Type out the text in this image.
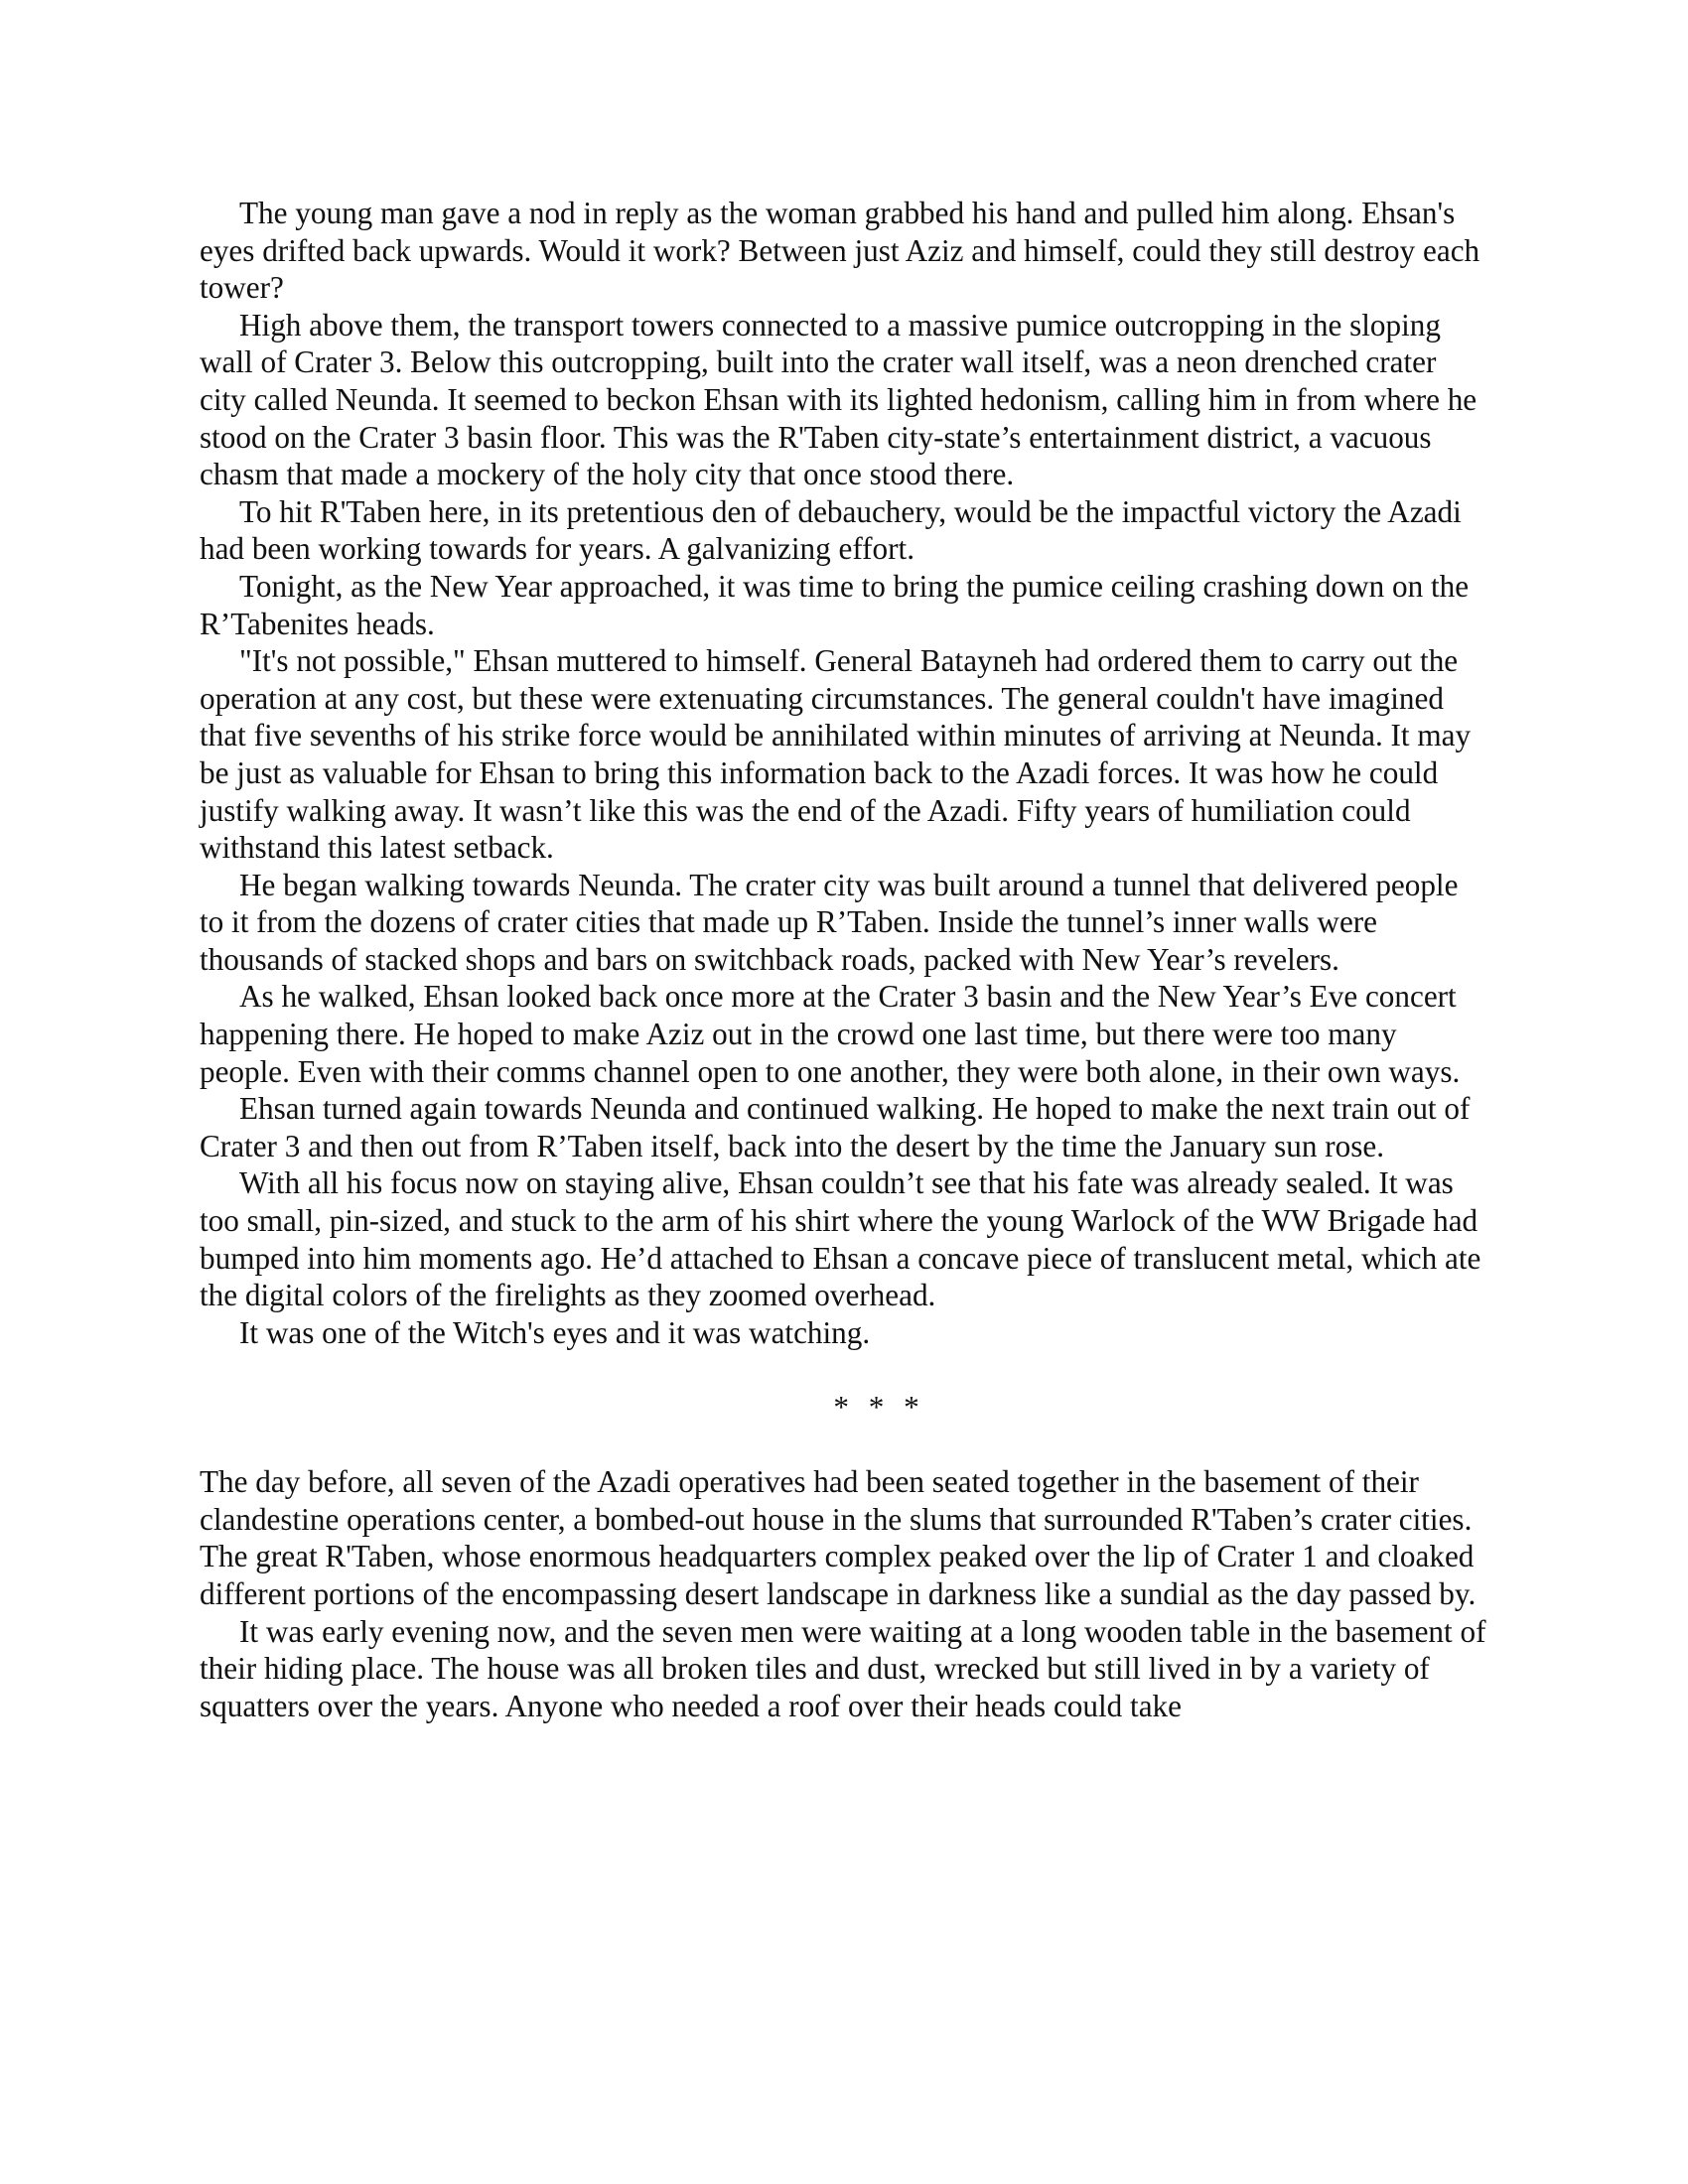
The young man gave a nod in reply as the woman grabbed his hand and pulled him along. Ehsan's eyes drifted back upwards. Would it work? Between just Aziz and himself, could they still destroy each tower?

High above them, the transport towers connected to a massive pumice outcropping in the sloping wall of Crater 3. Below this outcropping, built into the crater wall itself, was a neon drenched crater city called Neunda. It seemed to beckon Ehsan with its lighted hedonism, calling him in from where he stood on the Crater 3 basin floor. This was the R'Taben city-state’s entertainment district, a vacuous chasm that made a mockery of the holy city that once stood there.

To hit R'Taben here, in its pretentious den of debauchery, would be the impactful victory the Azadi had been working towards for years. A galvanizing effort.

Tonight, as the New Year approached, it was time to bring the pumice ceiling crashing down on the R’Tabenites heads.

"It's not possible," Ehsan muttered to himself. General Batayneh had ordered them to carry out the operation at any cost, but these were extenuating circumstances. The general couldn't have imagined that five sevenths of his strike force would be annihilated within minutes of arriving at Neunda. It may be just as valuable for Ehsan to bring this information back to the Azadi forces. It was how he could justify walking away. It wasn’t like this was the end of the Azadi. Fifty years of humiliation could withstand this latest setback.

He began walking towards Neunda. The crater city was built around a tunnel that delivered people to it from the dozens of crater cities that made up R’Taben. Inside the tunnel’s inner walls were thousands of stacked shops and bars on switchback roads, packed with New Year’s revelers.

As he walked, Ehsan looked back once more at the Crater 3 basin and the New Year’s Eve concert happening there. He hoped to make Aziz out in the crowd one last time, but there were too many people. Even with their comms channel open to one another, they were both alone, in their own ways.

Ehsan turned again towards Neunda and continued walking. He hoped to make the next train out of Crater 3 and then out from R’Taben itself, back into the desert by the time the January sun rose.

With all his focus now on staying alive, Ehsan couldn’t see that his fate was already sealed. It was too small, pin-sized, and stuck to the arm of his shirt where the young Warlock of the WW Brigade had bumped into him moments ago. He’d attached to Ehsan a concave piece of translucent metal, which ate the digital colors of the firelights as they zoomed overhead.

It was one of the Witch's eyes and it was watching.

* * *

The day before, all seven of the Azadi operatives had been seated together in the basement of their clandestine operations center, a bombed-out house in the slums that surrounded R'Taben’s crater cities. The great R'Taben, whose enormous headquarters complex peaked over the lip of Crater 1 and cloaked different portions of the encompassing desert landscape in darkness like a sundial as the day passed by.

It was early evening now, and the seven men were waiting at a long wooden table in the basement of their hiding place. The house was all broken tiles and dust, wrecked but still lived in by a variety of squatters over the years. Anyone who needed a roof over their heads could take
